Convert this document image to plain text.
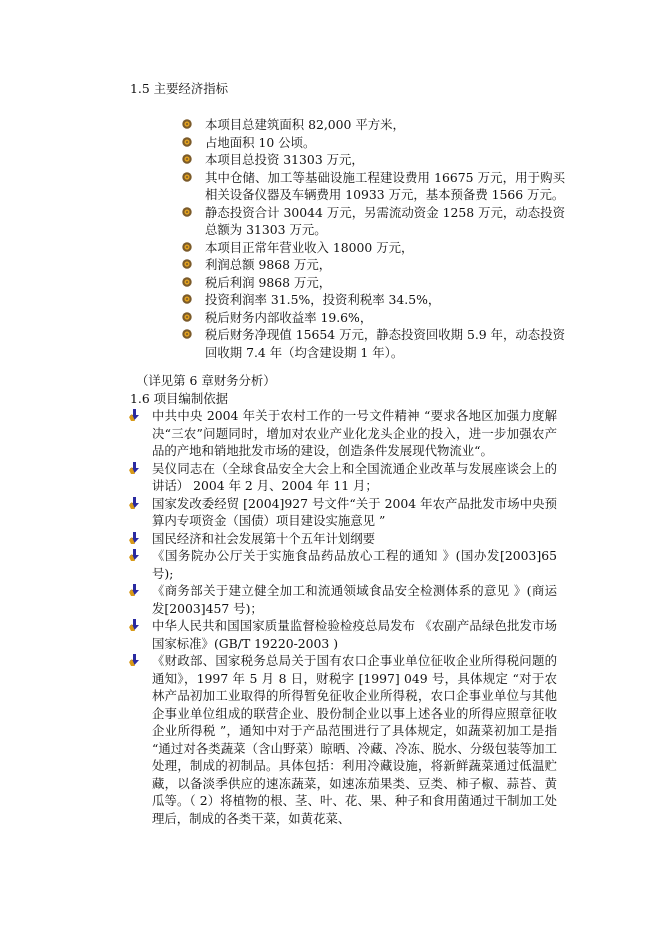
1.5 主要经济指标
本项目总建筑面积 82,000 平方米，
占地面积 10 公顷。
本项目总投资 31303 万元，
其中仓储、加工等基础设施工程建设费用 16675 万元，用于购买相关设备仪器及车辆费用 10933 万元，基本预备费 1566 万元。
静态投资合计 30044 万元，另需流动资金 1258 万元，动态投资总额为 31303 万元。
本项目正常年营业收入 18000 万元，
利润总额 9868 万元，
税后利润 9868 万元，
投资利润率 31.5%，投资利税率 34.5%，
税后财务内部收益率 19.6%，
税后财务净现值 15654 万元，静态投资回收期 5.9 年，动态投资回收期 7.4 年（均含建设期 1 年）。
（详见第 6 章财务分析）
1.6 项目编制依据
中共中央 2004 年关于农村工作的一号文件精神 “要求各地区加强力度解决“三农”问题同时，增加对农业产业化龙头企业的投入，进一步加强农产品的产地和销地批发市场的建设，创造条件发展现代物流业“。
吴仪同志在（全球食品安全大会上和全国流通企业改革与发展座谈会上的讲话） 2004 年 2 月、2004 年 11 月；
国家发改委经贸 [2004]927 号文件“关于 2004 年农产品批发市场中央预算内专项资金（国债）项目建设实施意见 ”
国民经济和社会发展第十个五年计划纲要
《国务院办公厅关于实施食品药品放心工程的通知 》(国办发[2003]65 号);
《商务部关于建立健全加工和流通领域食品安全检测体系的意见 》(商运发[2003]457 号)；
中华人民共和国国家质量监督检验检疫总局发布 《农副产品绿色批发市场国家标准》(GB/T 19220-2003 )
《财政部、国家税务总局关于国有农口企事业单位征收企业所得税问题的通知》，1997 年 5 月 8 日，财税字 [1997] 049 号，具体规定 “对于农林产品初加工业取得的所得暂免征收企业所得税，农口企事业单位与其他企事业单位组成的联营企业、股份制企业以事上述各业的所得应照章征收企业所得税 ”，通知中对于产品范围进行了具体规定，如蔬菜初加工是指 “通过对各类蔬菜（含山野菜）晾晒、冷藏、冷冻、脱水、分级包装等加工处理，制成的初制品。具体包括：利用冷藏设施，将新鲜蔬菜通过低温贮藏，以备淡季供应的速冻蔬菜，如速冻茄果类、豆类、柿子椒、蒜苔、黄瓜等。（ 2）将植物的根、茎、叶、花、果、种子和食用菌通过干制加工处理后，制成的各类干菜，如黄花菜、
